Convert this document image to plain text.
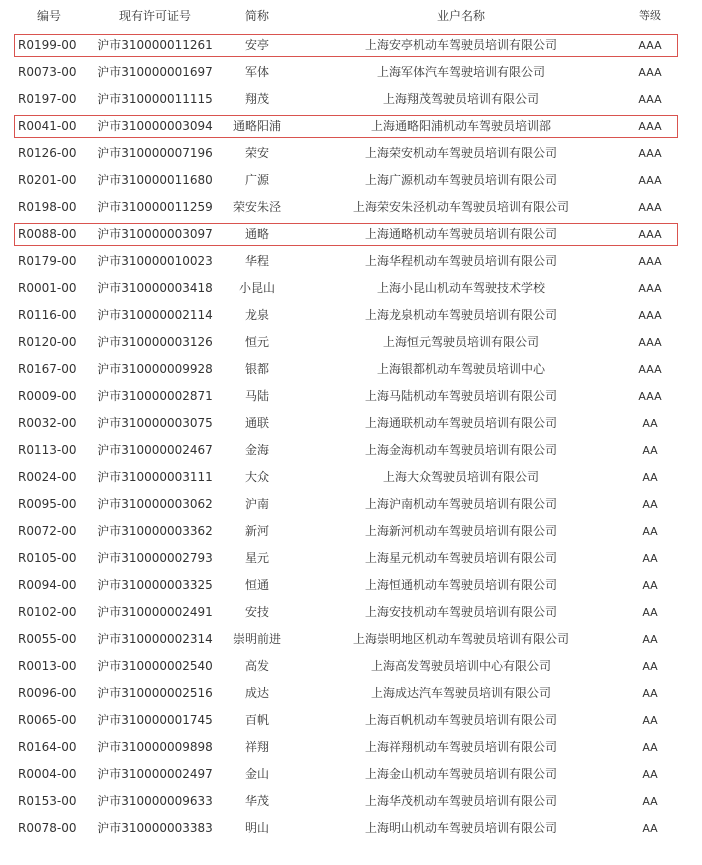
编号	现有许可证号	简称	业户名称	等级
R0199-00	沪市310000011261	安亭	上海安亭机动车驾驶员培训有限公司	AAA
R0073-00	沪市310000001697	军体	上海军体汽车驾驶培训有限公司	AAA
R0197-00	沪市310000011115	翔茂	上海翔茂驾驶员培训有限公司	AAA
R0041-00	沪市310000003094	通略阳浦	上海通略阳浦机动车驾驶员培训部	AAA
R0126-00	沪市310000007196	荣安	上海荣安机动车驾驶员培训有限公司	AAA
R0201-00	沪市310000011680	广源	上海广源机动车驾驶员培训有限公司	AAA
R0198-00	沪市310000011259	荣安朱泾	上海荣安朱泾机动车驾驶员培训有限公司	AAA
R0088-00	沪市310000003097	通略	上海通略机动车驾驶员培训有限公司	AAA
R0179-00	沪市310000010023	华程	上海华程机动车驾驶员培训有限公司	AAA
R0001-00	沪市310000003418	小昆山	上海小昆山机动车驾驶技术学校	AAA
R0116-00	沪市310000002114	龙泉	上海龙泉机动车驾驶员培训有限公司	AAA
R0120-00	沪市310000003126	恒元	上海恒元驾驶员培训有限公司	AAA
R0167-00	沪市310000009928	银都	上海银都机动车驾驶员培训中心	AAA
R0009-00	沪市310000002871	马陆	上海马陆机动车驾驶员培训有限公司	AAA
R0032-00	沪市310000003075	通联	上海通联机动车驾驶员培训有限公司	AA
R0113-00	沪市310000002467	金海	上海金海机动车驾驶员培训有限公司	AA
R0024-00	沪市310000003111	大众	上海大众驾驶员培训有限公司	AA
R0095-00	沪市310000003062	沪南	上海沪南机动车驾驶员培训有限公司	AA
R0072-00	沪市310000003362	新河	上海新河机动车驾驶员培训有限公司	AA
R0105-00	沪市310000002793	星元	上海星元机动车驾驶员培训有限公司	AA
R0094-00	沪市310000003325	恒通	上海恒通机动车驾驶员培训有限公司	AA
R0102-00	沪市310000002491	安技	上海安技机动车驾驶员培训有限公司	AA
R0055-00	沪市310000002314	崇明前进	上海崇明地区机动车驾驶员培训有限公司	AA
R0013-00	沪市310000002540	高发	上海高发驾驶员培训中心有限公司	AA
R0096-00	沪市310000002516	成达	上海成达汽车驾驶员培训有限公司	AA
R0065-00	沪市310000001745	百帆	上海百帆机动车驾驶员培训有限公司	AA
R0164-00	沪市310000009898	祥翔	上海祥翔机动车驾驶员培训有限公司	AA
R0004-00	沪市310000002497	金山	上海金山机动车驾驶员培训有限公司	AA
R0153-00	沪市310000009633	华茂	上海华茂机动车驾驶员培训有限公司	AA
R0078-00	沪市310000003383	明山	上海明山机动车驾驶员培训有限公司	AA
